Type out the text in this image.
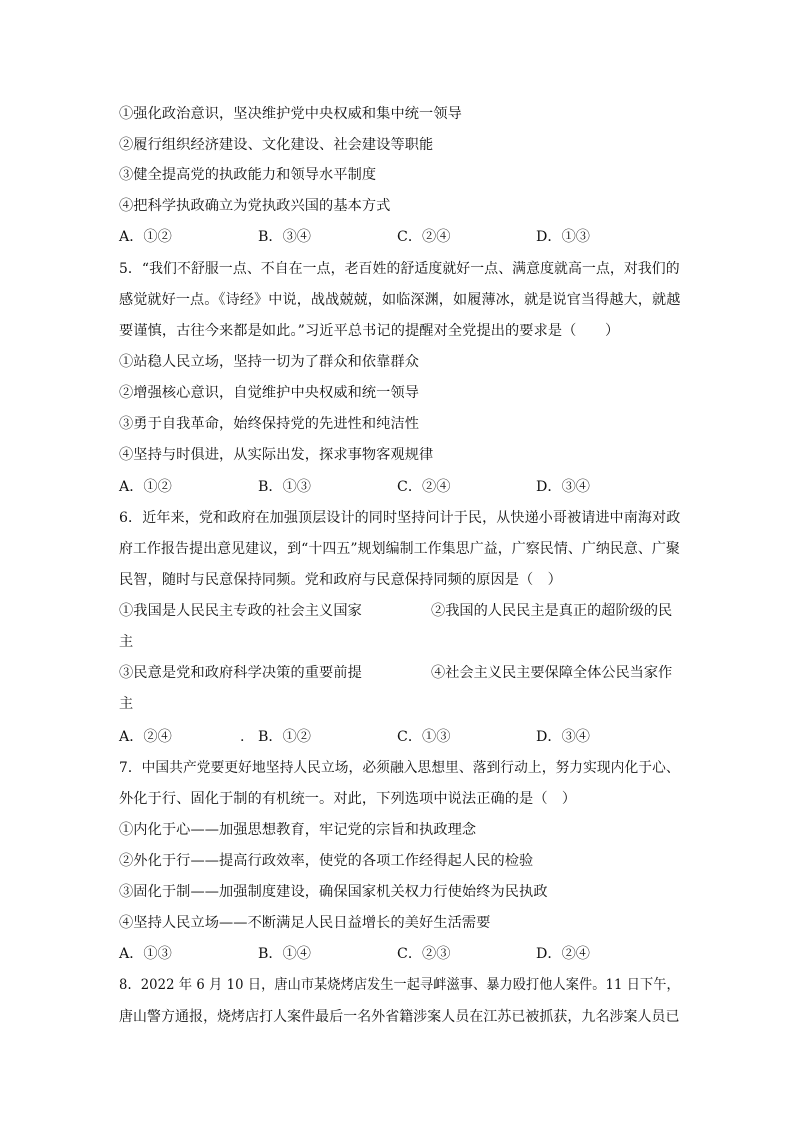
①强化政治意识，坚决维护党中央权威和集中统一领导
②履行组织经济建设、文化建设、社会建设等职能
③健全提高党的执政能力和领导水平制度
④把科学执政确立为党执政兴国的基本方式
A．①②	B．③④	C．②④	D．①③
5．“我们不舒服一点、不自在一点，老百姓的舒适度就好一点、满意度就高一点，对我们的
感觉就好一点。《诗经》中说，战战兢兢，如临深渊，如履薄冰，就是说官当得越大，就越
要谨慎，古往今来都是如此。”习近平总书记的提醒对全党提出的要求是（　　）
①站稳人民立场，坚持一切为了群众和依靠群众
②增强核心意识，自觉维护中央权威和统一领导
③勇于自我革命，始终保持党的先进性和纯洁性
④坚持与时俱进，从实际出发，探求事物客观规律
A．①②	B．①③	C．②④	D．③④
6．近年来，党和政府在加强顶层设计的同时坚持问计于民，从快递小哥被请进中南海对政
府工作报告提出意见建议，到“十四五”规划编制工作集思广益，广察民情、广纳民意、广聚
民智，随时与民意保持同频。党和政府与民意保持同频的原因是（　）
①我国是人民民主专政的社会主义国家	②我国的人民民主是真正的超阶级的民
主
③民意是党和政府科学决策的重要前提	④社会主义民主要保障全体公民当家作
主
A．②④	. B．①②	C．①③	D．③④
7．中国共产党要更好地坚持人民立场，必须融入思想里、落到行动上，努力实现内化于心、
外化于行、固化于制的有机统一。对此，下列选项中说法正确的是（　）
①内化于心——加强思想教育，牢记党的宗旨和执政理念
②外化于行——提高行政效率，使党的各项工作经得起人民的检验
③固化于制——加强制度建设，确保国家机关权力行使始终为民执政
④坚持人民立场——不断满足人民日益增长的美好生活需要
A．①③	B．①④	C．②③	D．②④
8．2022 年 6 月 10 日，唐山市某烧烤店发生一起寻衅滋事、暴力殴打他人案件。11 日下午，
唐山警方通报，烧烤店打人案件最后一名外省籍涉案人员在江苏已被抓获，九名涉案人员已
